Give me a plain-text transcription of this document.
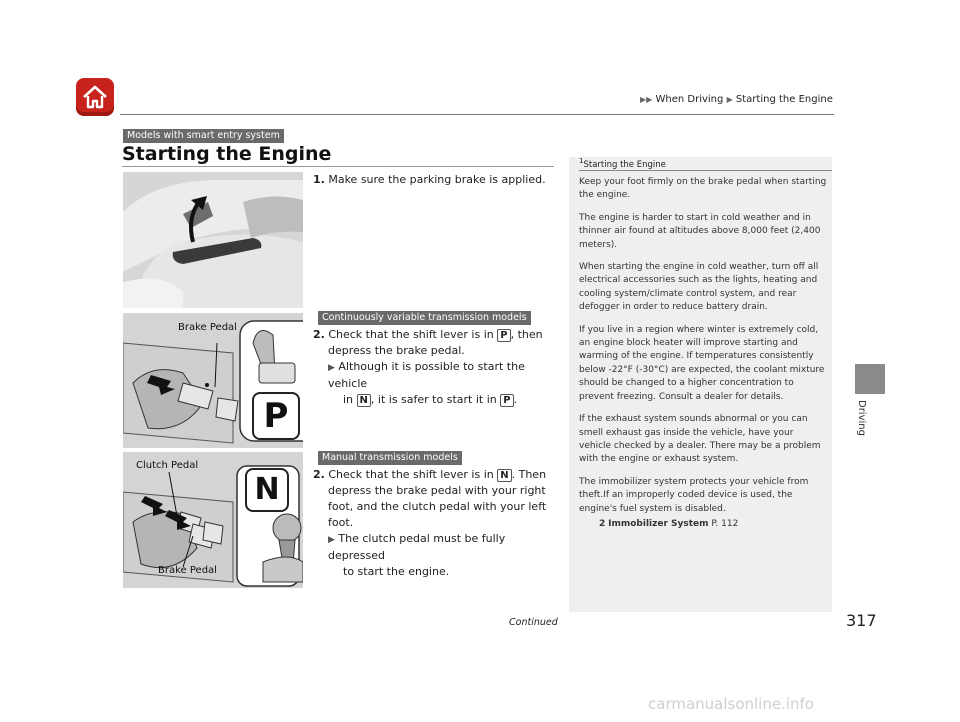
▶▶ When Driving ▶ Starting the Engine
Models with smart entry system
Starting the Engine
1. Make sure the parking brake is applied.
Continuously variable transmission models
Brake Pedal
P
2. Check that the shift lever is in P , then
depress the brake pedal.
▶ Although it is possible to start the vehicle
in N , it is safer to start it in P .
Manual transmission models
Clutch Pedal
Brake Pedal
N	2. Check that the shift lever is in N . Then
depress the brake pedal with your right
foot, and the clutch pedal with your left
foot.
▶ The clutch pedal must be fully depressed
to start the engine.
$^1$Starting the Engine

Keep your foot firmly on the brake pedal when starting the engine.

The engine is harder to start in cold weather and in thinner air found at altitudes above 8,000 feet (2,400 meters).

When starting the engine in cold weather, turn off all electrical accessories such as the lights, heating and cooling system/climate control system, and rear defogger in order to reduce battery drain.

If you live in a region where winter is extremely cold, an engine block heater will improve starting and warming of the engine. If temperatures consistently below -22°F (-30°C) are expected, the coolant mixture should be changed to a higher concentration to prevent freezing. Consult a dealer for details.

If the exhaust system sounds abnormal or you can smell exhaust gas inside the vehicle, have your vehicle checked by a dealer. There may be a problem with the engine or exhaust system.

The immobilizer system protects your vehicle from theft.If an improperly coded device is used, the engine's fuel system is disabled.

2 Immobilizer System P. 112
Driving
Continued	317
carmanualsonline.info
